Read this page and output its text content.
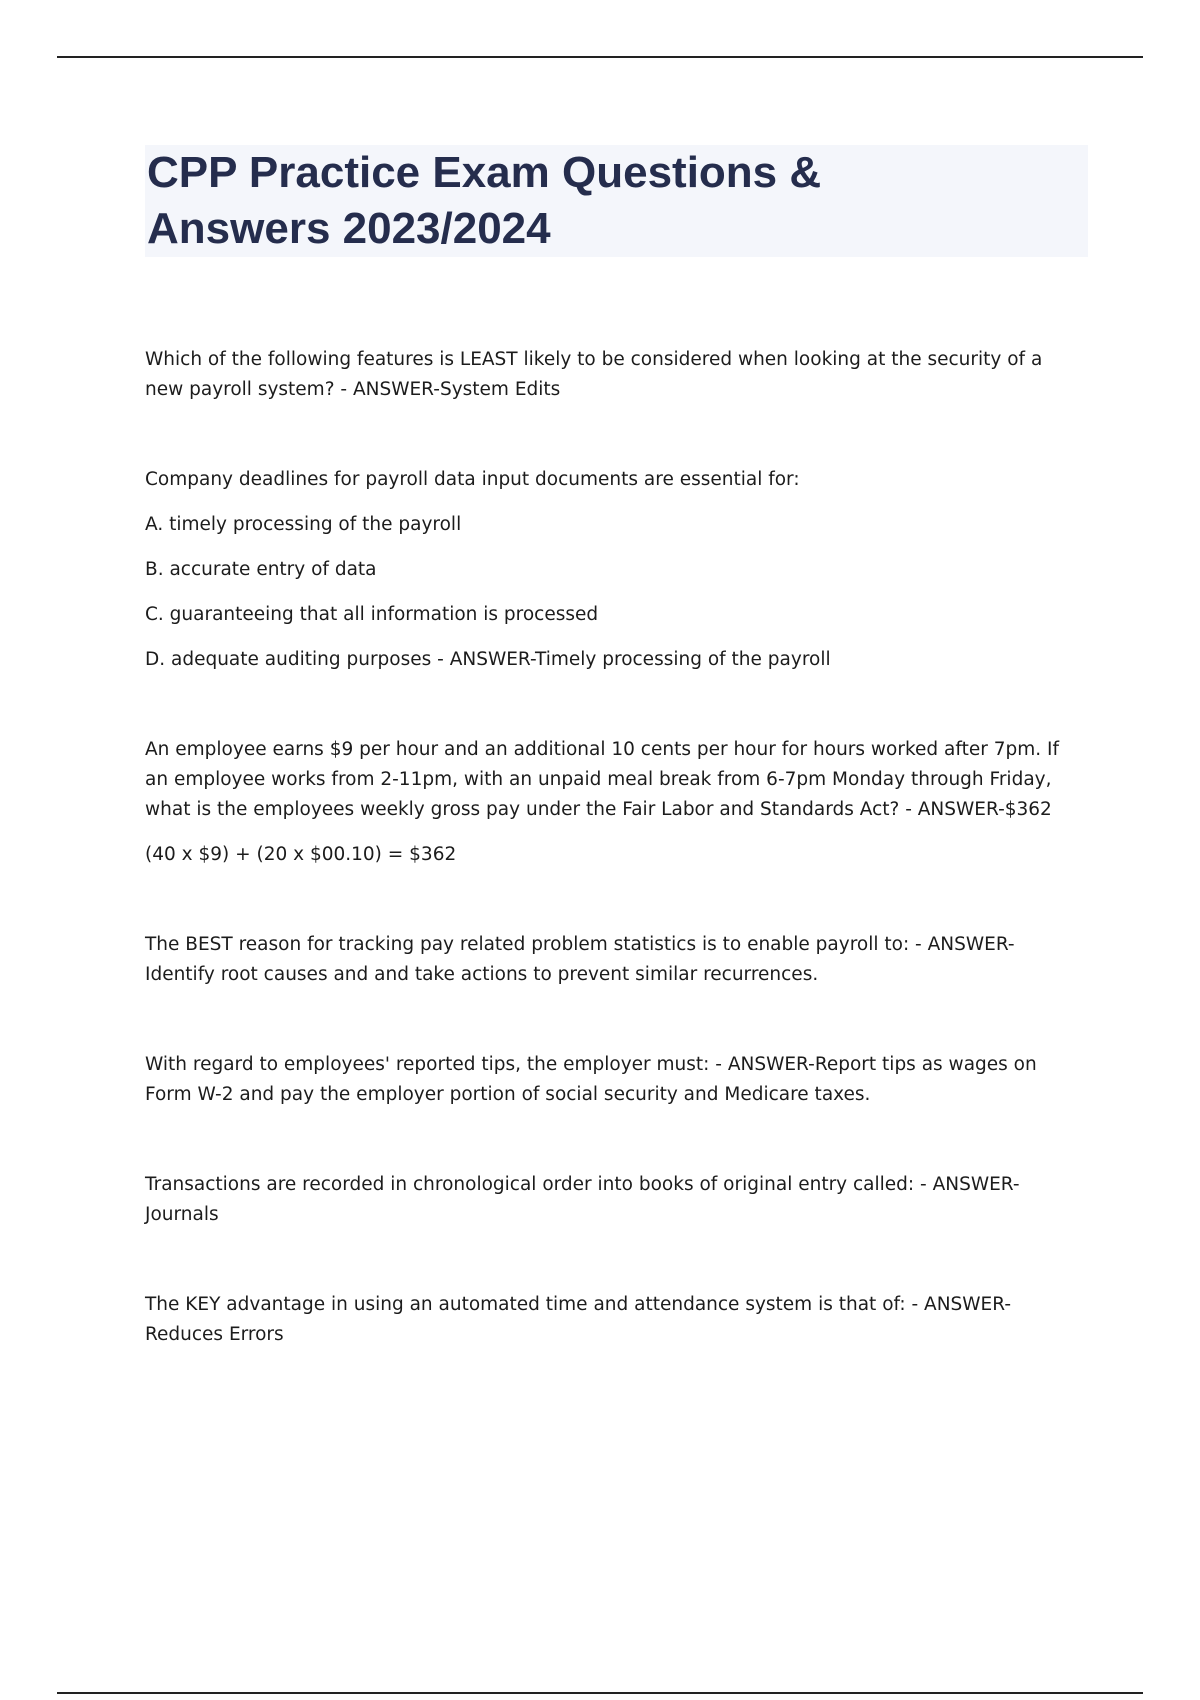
CPP Practice Exam Questions &
Answers 2023/2024

Which of the following features is LEAST likely to be considered when looking at the security of a new payroll system? - ANSWER-System Edits

Company deadlines for payroll data input documents are essential for:

A. timely processing of the payroll

B. accurate entry of data

C. guaranteeing that all information is processed

D. adequate auditing purposes - ANSWER-Timely processing of the payroll

An employee earns $9 per hour and an additional 10 cents per hour for hours worked after 7pm. If an employee works from 2-11pm, with an unpaid meal break from 6-7pm Monday through Friday, what is the employees weekly gross pay under the Fair Labor and Standards Act? - ANSWER-$362

(40 x $9) + (20 x $00.10) = $362

The BEST reason for tracking pay related problem statistics is to enable payroll to: - ANSWER-Identify root causes and and take actions to prevent similar recurrences.

With regard to employees' reported tips, the employer must: - ANSWER-Report tips as wages on Form W-2 and pay the employer portion of social security and Medicare taxes.

Transactions are recorded in chronological order into books of original entry called: - ANSWER-Journals

The KEY advantage in using an automated time and attendance system is that of: - ANSWER-Reduces Errors
